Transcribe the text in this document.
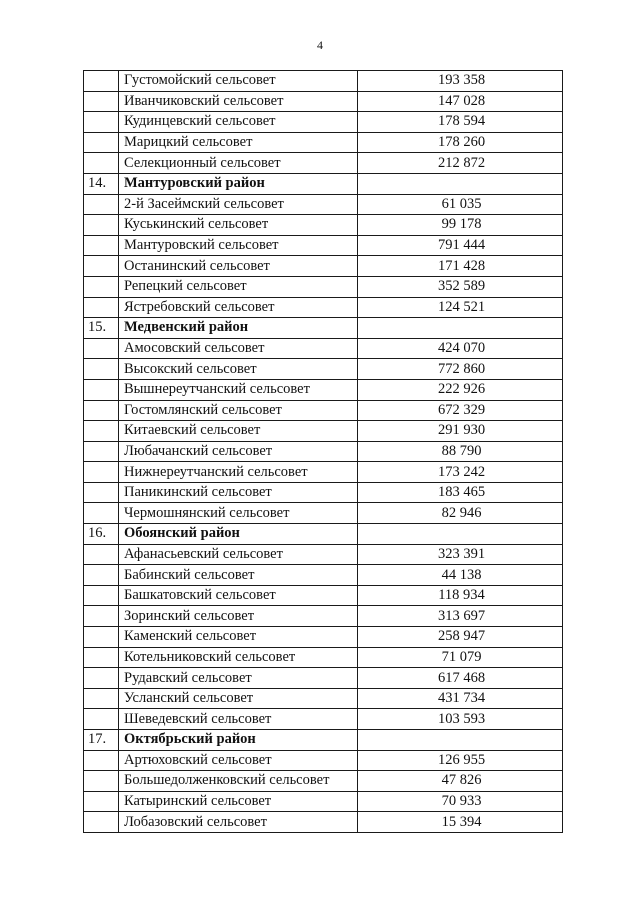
4
	Густомойский сельсовет	193 358
	Иванчиковский сельсовет	147 028
	Кудинцевский сельсовет	178 594
	Марицкий сельсовет	178 260
	Селекционный сельсовет	212 872
14.	Мантуровский район	
	2-й Засеймский сельсовет	61 035
	Куськинский сельсовет	99 178
	Мантуровский сельсовет	791 444
	Останинский сельсовет	171 428
	Репецкий сельсовет	352 589
	Ястребовский сельсовет	124 521
15.	Медвенский район	
	Амосовский сельсовет	424 070
	Высокский сельсовет	772 860
	Вышнереутчанский сельсовет	222 926
	Гостомлянский сельсовет	672 329
	Китаевский сельсовет	291 930
	Любачанский сельсовет	88 790
	Нижнереутчанский сельсовет	173 242
	Паникинский сельсовет	183 465
	Чермошнянский сельсовет	82 946
16.	Обоянский район	
	Афанасьевский сельсовет	323 391
	Бабинский сельсовет	44 138
	Башкатовский сельсовет	118 934
	Зоринский сельсовет	313 697
	Каменский сельсовет	258 947
	Котельниковский сельсовет	71 079
	Рудавский сельсовет	617 468
	Усланский сельсовет	431 734
	Шеведевский сельсовет	103 593
17.	Октябрьский район	
	Артюховский сельсовет	126 955
	Большедолженковский сельсовет	47 826
	Катыринский сельсовет	70 933
	Лобазовский сельсовет	15 394
